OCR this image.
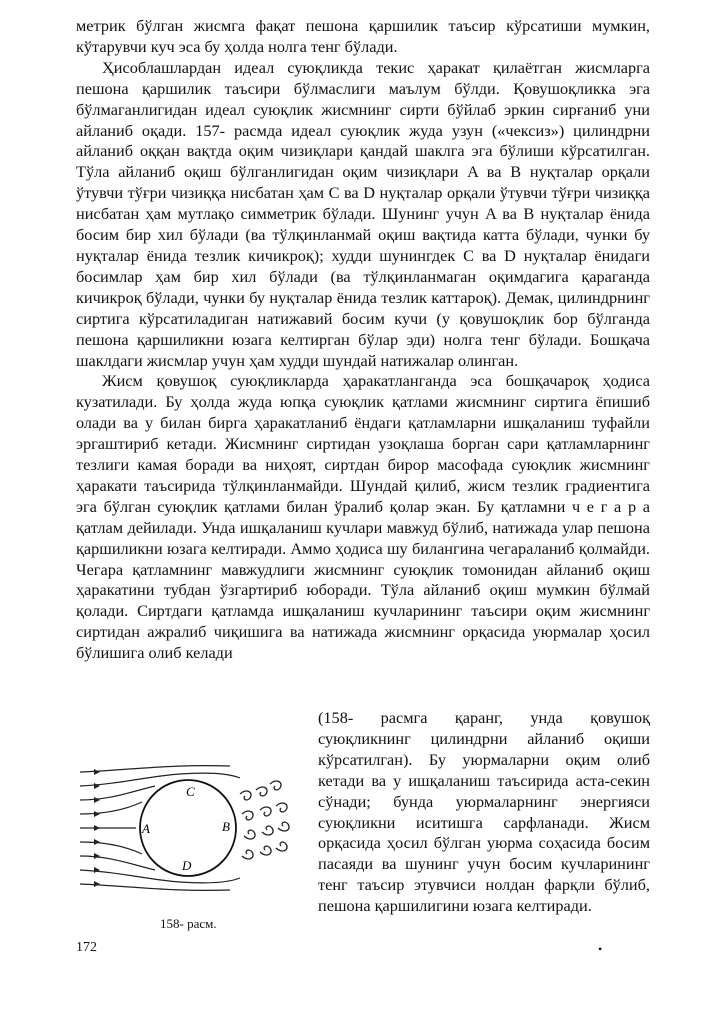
метрик бўлган жисмга фақат пешона қаршилик таъсир кўрсатиши мумкин, кўтарувчи куч эса бу ҳолда нолга тенг бўлади.

Ҳисоблашлардан идеал суюқликда текис ҳаракат қилаётган жисмларга пешона қаршилик таъсири бўлмаслиги маълум бўлди. Қовушоқликка эга бўлмаганлигидан идеал суюқлик жисмнинг сирти бўйлаб эркин сирғаниб уни айланиб оқади. 157- расмда идеал суюқлик жуда узун («чексиз») цилиндрни айланиб оққан вақтда оқим чизиқлари қандай шаклга эга бўлиши кўрсатилган. Тўла айланиб оқиш бўлганлигидан оқим чизиқлари A ва B нуқталар орқали ўтувчи тўғри чизиққа нисбатан ҳам C ва D нуқталар орқали ўтувчи тўғри чизиққа нисбатан ҳам мутлақо симметрик бўлади. Шунинг учун A ва B нуқталар ёнида босим бир хил бўлади (ва тўлқинланмай оқиш вақтида катта бўлади, чунки бу нуқталар ёнида тезлик кичикроқ); худди шунингдек C ва D нуқталар ёнидаги босимлар ҳам бир хил бўлади (ва тўлқинланмаган оқимдагига қараганда кичикроқ бўлади, чунки бу нуқталар ёнида тезлик каттароқ). Демак, цилиндрнинг сиртига кўрсатиладиган натижавий босим кучи (у қовушоқлик бор бўлганда пешона қаршиликни юзага келтирган бўлар эди) нолга тенг бўлади. Бошқача шаклдаги жисмлар учун ҳам худди шундай натижалар олинган.

Жисм қовушоқ суюқликларда ҳаракатланганда эса бошқачароқ ҳодиса кузатилади. Бу ҳолда жуда юпқа суюқлик қатлами жисмнинг сиртига ёпишиб олади ва у билан бирга ҳаракатланиб ёндаги қатламларни ишқаланиш туфайли эргаштириб кетади. Жисмнинг сиртидан узоқлаша борган сари қатламларнинг тезлиги камая боради ва ниҳоят, сиртдан бирор масофада суюқлик жисмнинг ҳаракати таъсирида тўлқинланмайди. Шундай қилиб, жисм тезлик градиентига эга бўлган суюқлик қатлами билан ўралиб қолар экан. Бу қатламни ч е г а р а қатлам дейилади. Унда ишқаланиш кучлари мавжуд бўлиб, натижада улар пешона қаршиликни юзага келтиради. Аммо ҳодиса шу билангина чегараланиб қолмайди. Чегара қатламнинг мавжудлиги жисмнинг суюқлик томонидан айланиб оқиш ҳаракатини тубдан ўзгартириб юборади. Тўла айланиб оқиш мумкин бўлмай қолади. Сиртдаги қатламда ишқаланиш кучларининг таъсири оқим жисмнинг сиртидан ажралиб чиқишига ва натижада жисмнинг орқасида уюрмалар ҳосил бўлишига олиб келади

(158- расмга қаранг, унда қовушоқ суюқликнинг цилиндрни айланиб оқиши кўрсатилган). Бу уюрмаларни оқим олиб кетади ва у ишқаланиш таъсирида аста-секин сўнади; бунда уюрмаларнинг энергияси суюқликни иситишга сарфланади. Жисм орқасида ҳосил бўлган уюрма соҳасида босим пасаяди ва шунинг учун босим кучларининг тенг таъсир этувчиси нолдан фарқли бўлиб, пешона қаршилигини юзага келтиради.
A	B
C
D
158- расм.
172	•
